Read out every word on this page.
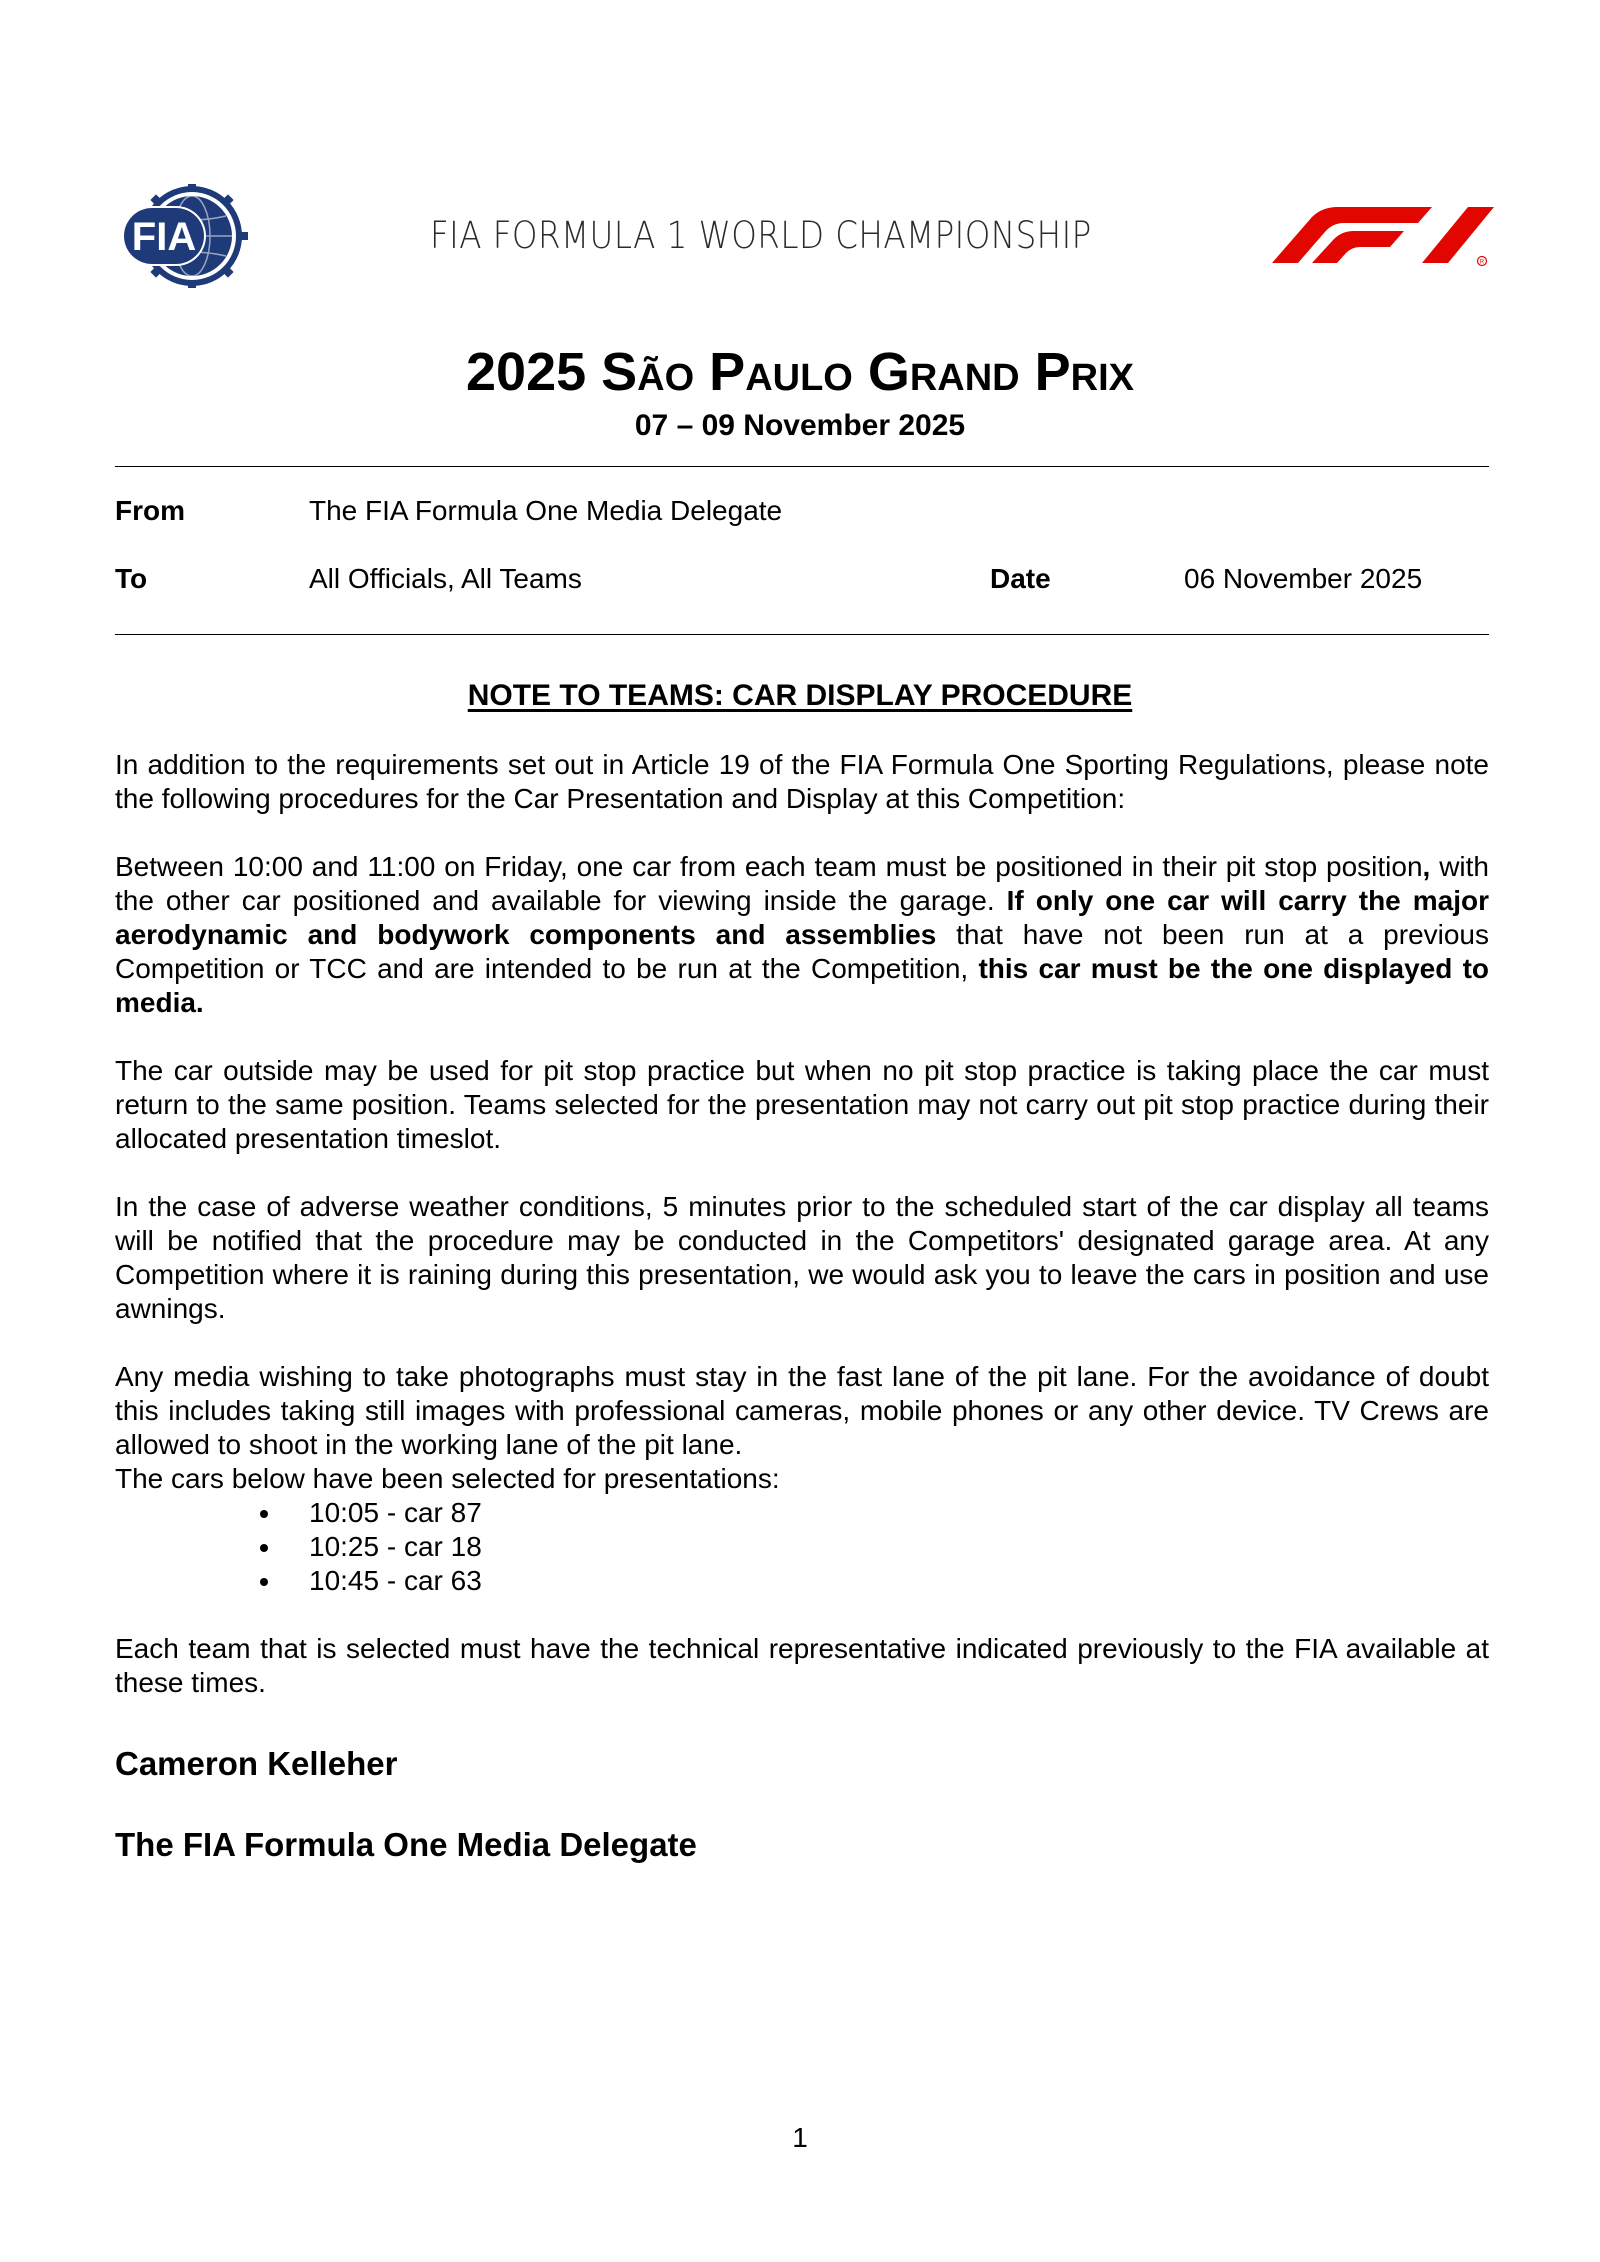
FIA	FIA FORMULA 1 WORLD CHAMPIONSHIP
R
2025 São Paulo Grand Prix
07 – 09 November 2025
From	The FIA Formula One Media Delegate
To	All Officials, All Teams	Date	06 November 2025
NOTE TO TEAMS: CAR DISPLAY PROCEDURE

In addition to the requirements set out in Article 19 of the FIA Formula One Sporting Regulations, please note the following procedures for the Car Presentation and Display at this Competition:

Between 10:00 and 11:00 on Friday, one car from each team must be positioned in their pit stop position, with the other car positioned and available for viewing inside the garage. If only one car will carry the major aerodynamic and bodywork components and assemblies that have not been run at a previous Competition or TCC and are intended to be run at the Competition, this car must be the one displayed to media.

The car outside may be used for pit stop practice but when no pit stop practice is taking place the car must return to the same position. Teams selected for the presentation may not carry out pit stop practice during their allocated presentation timeslot.

In the case of adverse weather conditions, 5 minutes prior to the scheduled start of the car display all teams will be notified that the procedure may be conducted in the Competitors' designated garage area. At any Competition where it is raining during this presentation, we would ask you to leave the cars in position and use awnings.

Any media wishing to take photographs must stay in the fast lane of the pit lane. For the avoidance of doubt this includes taking still images with professional cameras, mobile phones or any other device. TV Crews are allowed to shoot in the working lane of the pit lane.

The cars below have been selected for presentations:

10:05 - car 87
10:25 - car 18
10:45 - car 63

Each team that is selected must have the technical representative indicated previously to the FIA available at these times.

Cameron Kelleher
The FIA Formula One Media Delegate
1
